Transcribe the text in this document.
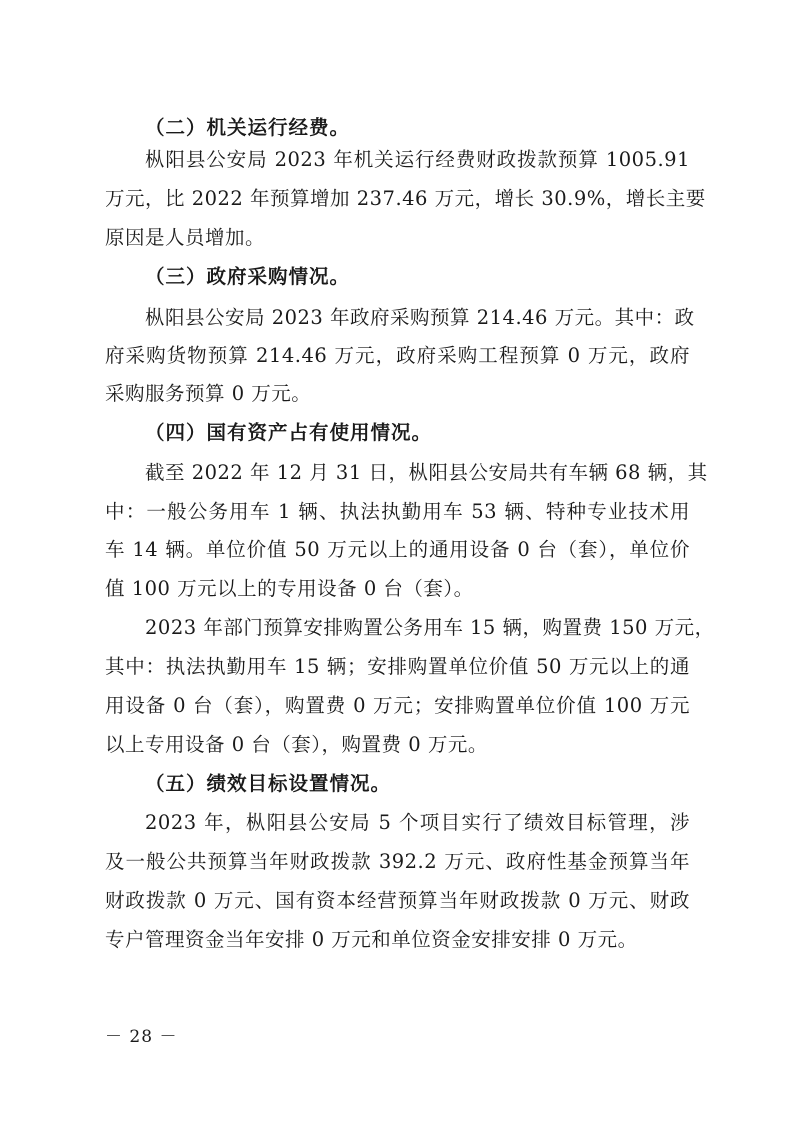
（二）机关运行经费。
枞阳县公安局 2023 年机关运行经费财政拨款预算 1005.91
万元，比 2022 年预算增加 237.46 万元，增长 30.9%，增长主要
原因是人员增加。
（三）政府采购情况。
枞阳县公安局 2023 年政府采购预算 214.46 万元。其中：政
府采购货物预算 214.46 万元，政府采购工程预算 0 万元，政府
采购服务预算 0 万元。
（四）国有资产占有使用情况。
截至 2022 年 12 月 31 日，枞阳县公安局共有车辆 68 辆，其
中：一般公务用车 1 辆、执法执勤用车 53 辆、特种专业技术用
车 14 辆。单位价值 50 万元以上的通用设备 0 台（套），单位价
值 100 万元以上的专用设备 0 台（套）。
2023 年部门预算安排购置公务用车 15 辆，购置费 150 万元，
其中：执法执勤用车 15 辆；安排购置单位价值 50 万元以上的通
用设备 0 台（套），购置费 0 万元；安排购置单位价值 100 万元
以上专用设备 0 台（套），购置费 0 万元。
（五）绩效目标设置情况。
2023 年，枞阳县公安局 5 个项目实行了绩效目标管理，涉
及一般公共预算当年财政拨款 392.2 万元、政府性基金预算当年
财政拨款 0 万元、国有资本经营预算当年财政拨款 0 万元、财政
专户管理资金当年安排 0 万元和单位资金安排安排 0 万元。
－ 28 －
